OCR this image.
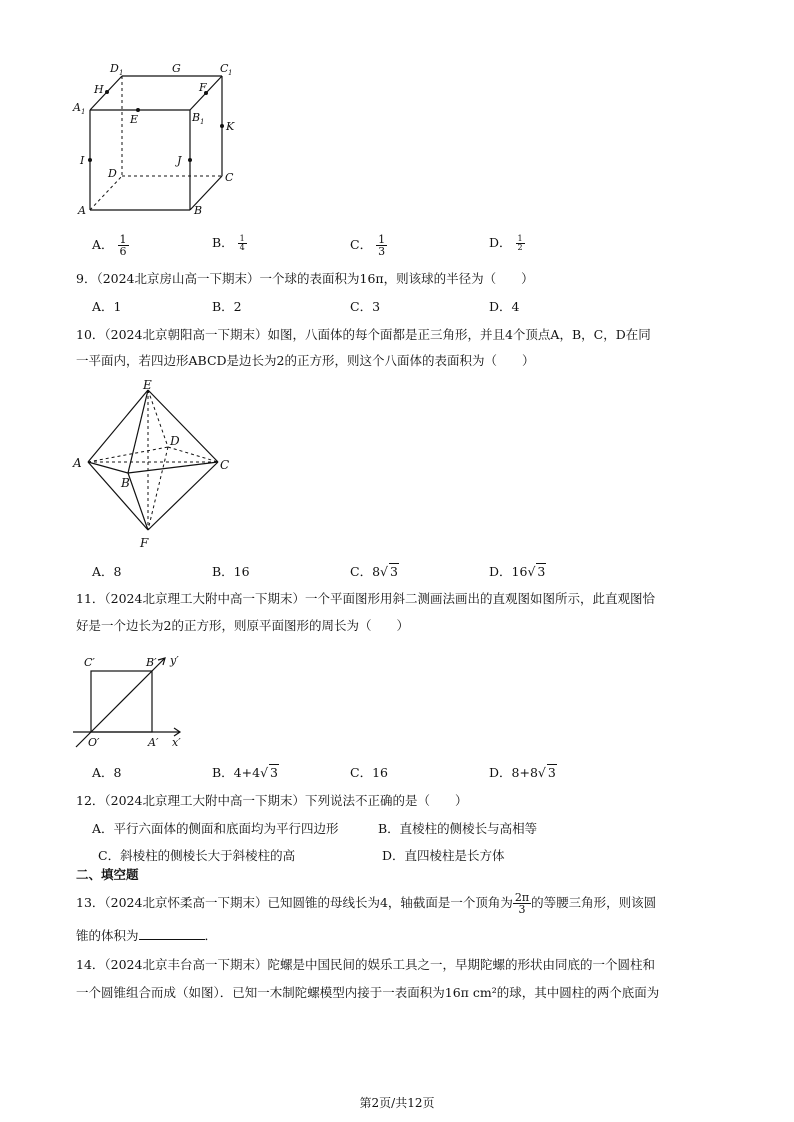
D 1	G	C 1
H	F
A 1
E	B 1 K
I	J
D	C
A	B
A． $\frac{1}{6}$	B． $\frac{1}{4}$	C． $\frac{1}{3}$	D． $\frac{1}{2}$
9．（2024北京房山高一下期末）一个球的表面积为16π，则该球的半径为（　　）
A．1	B．2	C．3	D．4
10．（2024北京朝阳高一下期末）如图，八面体的每个面都是正三角形，并且4个顶点A，B，C，D在同
一平面内，若四边形ABCD是边长为2的正方形，则这个八面体的表面积为（　　）
E
D
A	C
B
F
A．8	B．16	C．8√ 3	D．16√ 3
11．（2024北京理工大附中高一下期末）一个平面图形用斜二测画法画出的直观图如图所示，此直观图恰
好是一个边长为2的正方形，则原平面图形的周长为（　　）
C′	B′ y′
O′	A′ x′
A．8	B．4+4√ 3	C．16	D．8+8√ 3
12．（2024北京理工大附中高一下期末）下列说法不正确的是（　　）
A．平行六面体的侧面和底面均为平行四边形	B．直棱柱的侧棱长与高相等
C．斜棱柱的侧棱长大于斜棱柱的高	D．直四棱柱是长方体
二、填空题
13．（2024北京怀柔高一下期末）已知圆锥的母线长为4，轴截面是一个顶角为 $\frac{2\pi}{3}$ 的等腰三角形，则该圆
锥的体积为	．
14．（2024北京丰台高一下期末）陀螺是中国民间的娱乐工具之一，早期陀螺的形状由同底的一个圆柱和
一个圆锥组合而成（如图）．已知一木制陀螺模型内接于一表面积为16π cm²的球，其中圆柱的两个底面为
第2页/共12页
